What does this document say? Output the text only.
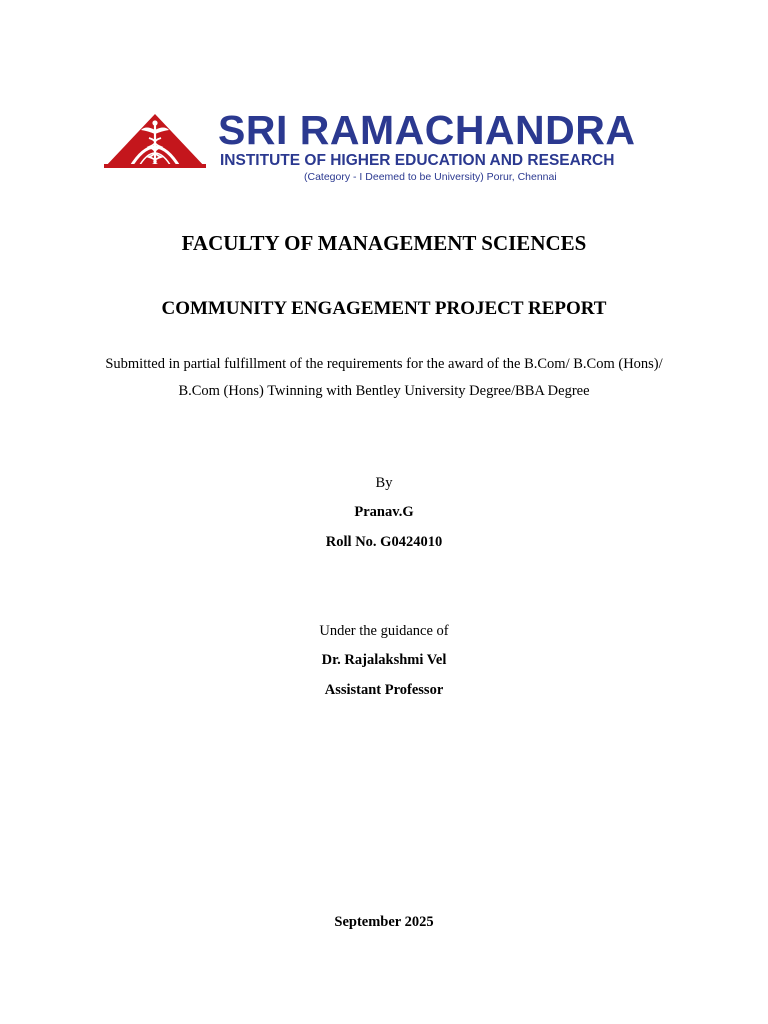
SRI RAMACHANDRA
INSTITUTE OF HIGHER EDUCATION AND RESEARCH
(Category - I Deemed to be University) Porur, Chennai
FACULTY OF MANAGEMENT SCIENCES
COMMUNITY ENGAGEMENT PROJECT REPORT
Submitted in partial fulfillment of the requirements for the award of the B.Com/ B.Com (Hons)/
B.Com (Hons) Twinning with Bentley University Degree/BBA Degree
By
Pranav.G
Roll No. G0424010
Under the guidance of
Dr. Rajalakshmi Vel
Assistant Professor
September 2025
